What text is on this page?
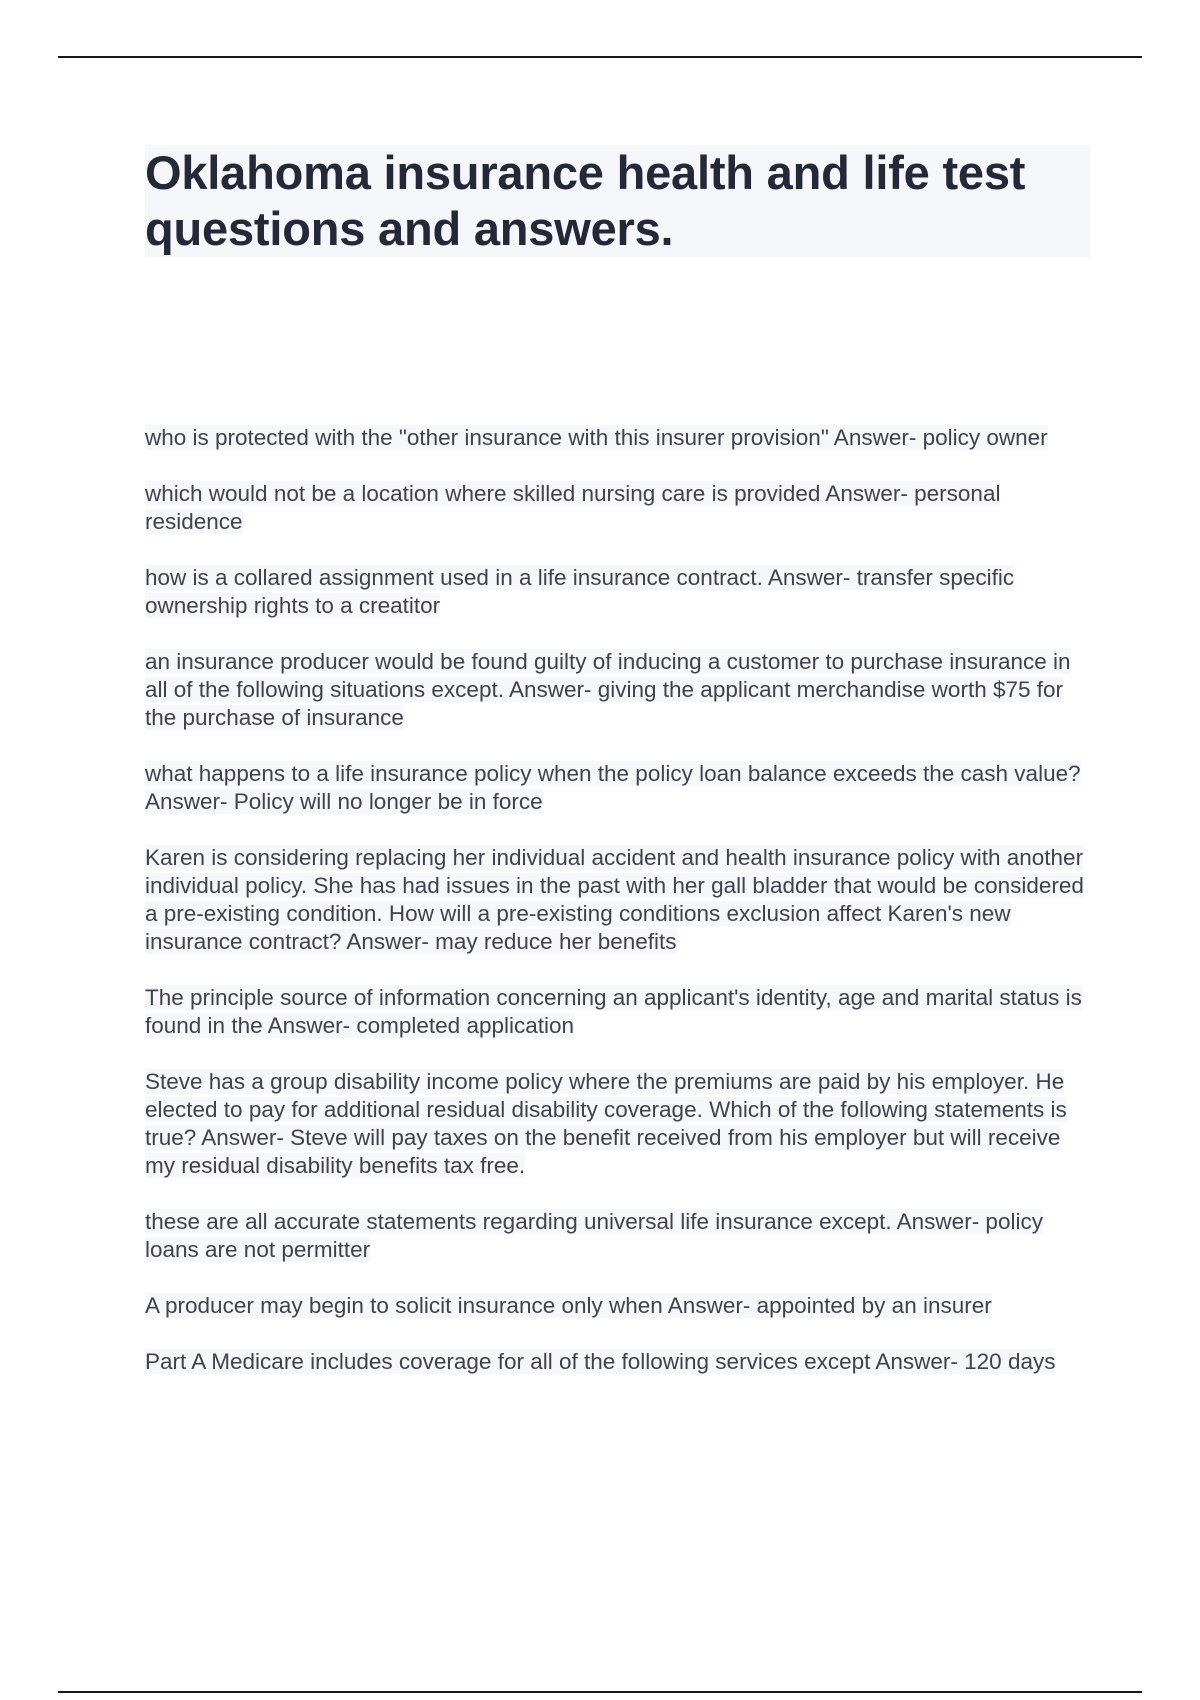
Oklahoma insurance health and life test questions and answers.

who is protected with the "other insurance with this insurer provision" Answer- policy owner

which would not be a location where skilled nursing care is provided Answer- personal residence

how is a collared assignment used in a life insurance contract. Answer- transfer specific ownership rights to a creatitor

an insurance producer would be found guilty of inducing a customer to purchase insurance in all of the following situations except. Answer- giving the applicant merchandise worth $75 for the purchase of insurance

what happens to a life insurance policy when the policy loan balance exceeds the cash value? Answer- Policy will no longer be in force

Karen is considering replacing her individual accident and health insurance policy with another individual policy. She has had issues in the past with her gall bladder that would be considered a pre-existing condition. How will a pre-existing conditions exclusion affect Karen's new insurance contract? Answer- may reduce her benefits

The principle source of information concerning an applicant's identity, age and marital status is found in the Answer- completed application

Steve has a group disability income policy where the premiums are paid by his employer. He elected to pay for additional residual disability coverage. Which of the following statements is true? Answer- Steve will pay taxes on the benefit received from his employer but will receive my residual disability benefits tax free.

these are all accurate statements regarding universal life insurance except. Answer- policy loans are not permitter

A producer may begin to solicit insurance only when Answer- appointed by an insurer

Part A Medicare includes coverage for all of the following services except Answer- 120 days
